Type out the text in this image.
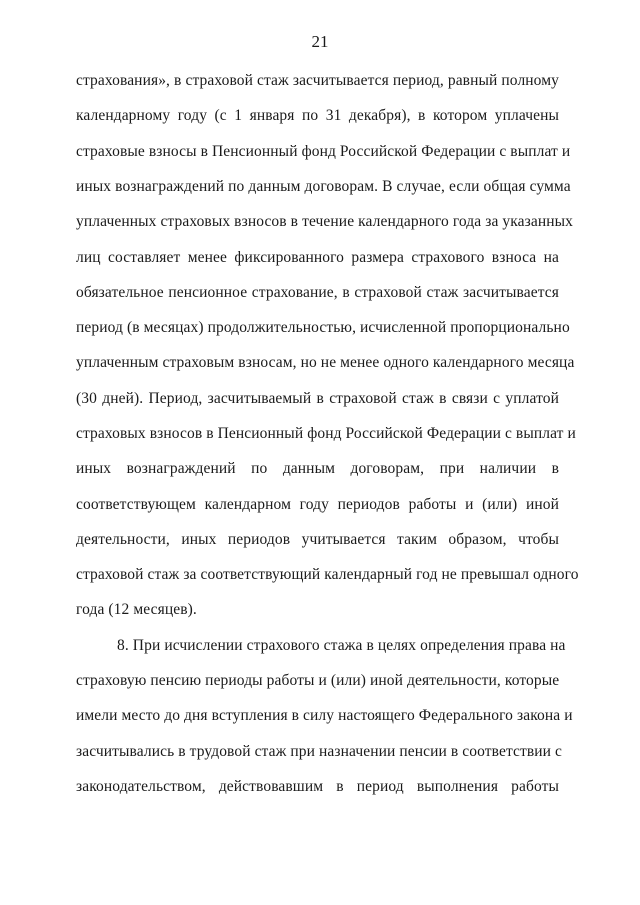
21
страхования», в страховой стаж засчитывается период, равный полному
календарному году (с 1 января по 31 декабря), в котором уплачены
страховые взносы в Пенсионный фонд Российской Федерации с выплат и
иных вознаграждений по данным договорам. В случае, если общая сумма
уплаченных страховых взносов в течение календарного года за указанных
лиц составляет менее фиксированного размера страхового взноса на
обязательное пенсионное страхование, в страховой стаж засчитывается
период (в месяцах) продолжительностью, исчисленной пропорционально
уплаченным страховым взносам, но не менее одного календарного месяца
(30 дней). Период, засчитываемый в страховой стаж в связи с уплатой
страховых взносов в Пенсионный фонд Российской Федерации с выплат и
иных вознаграждений по данным договорам, при наличии в
соответствующем календарном году периодов работы и (или) иной
деятельности, иных периодов учитывается таким образом, чтобы
страховой стаж за соответствующий календарный год не превышал одного
года (12 месяцев).
8. При исчислении страхового стажа в целях определения права на
страховую пенсию периоды работы и (или) иной деятельности, которые
имели место до дня вступления в силу настоящего Федерального закона и
засчитывались в трудовой стаж при назначении пенсии в соответствии с
законодательством, действовавшим в период выполнения работы
